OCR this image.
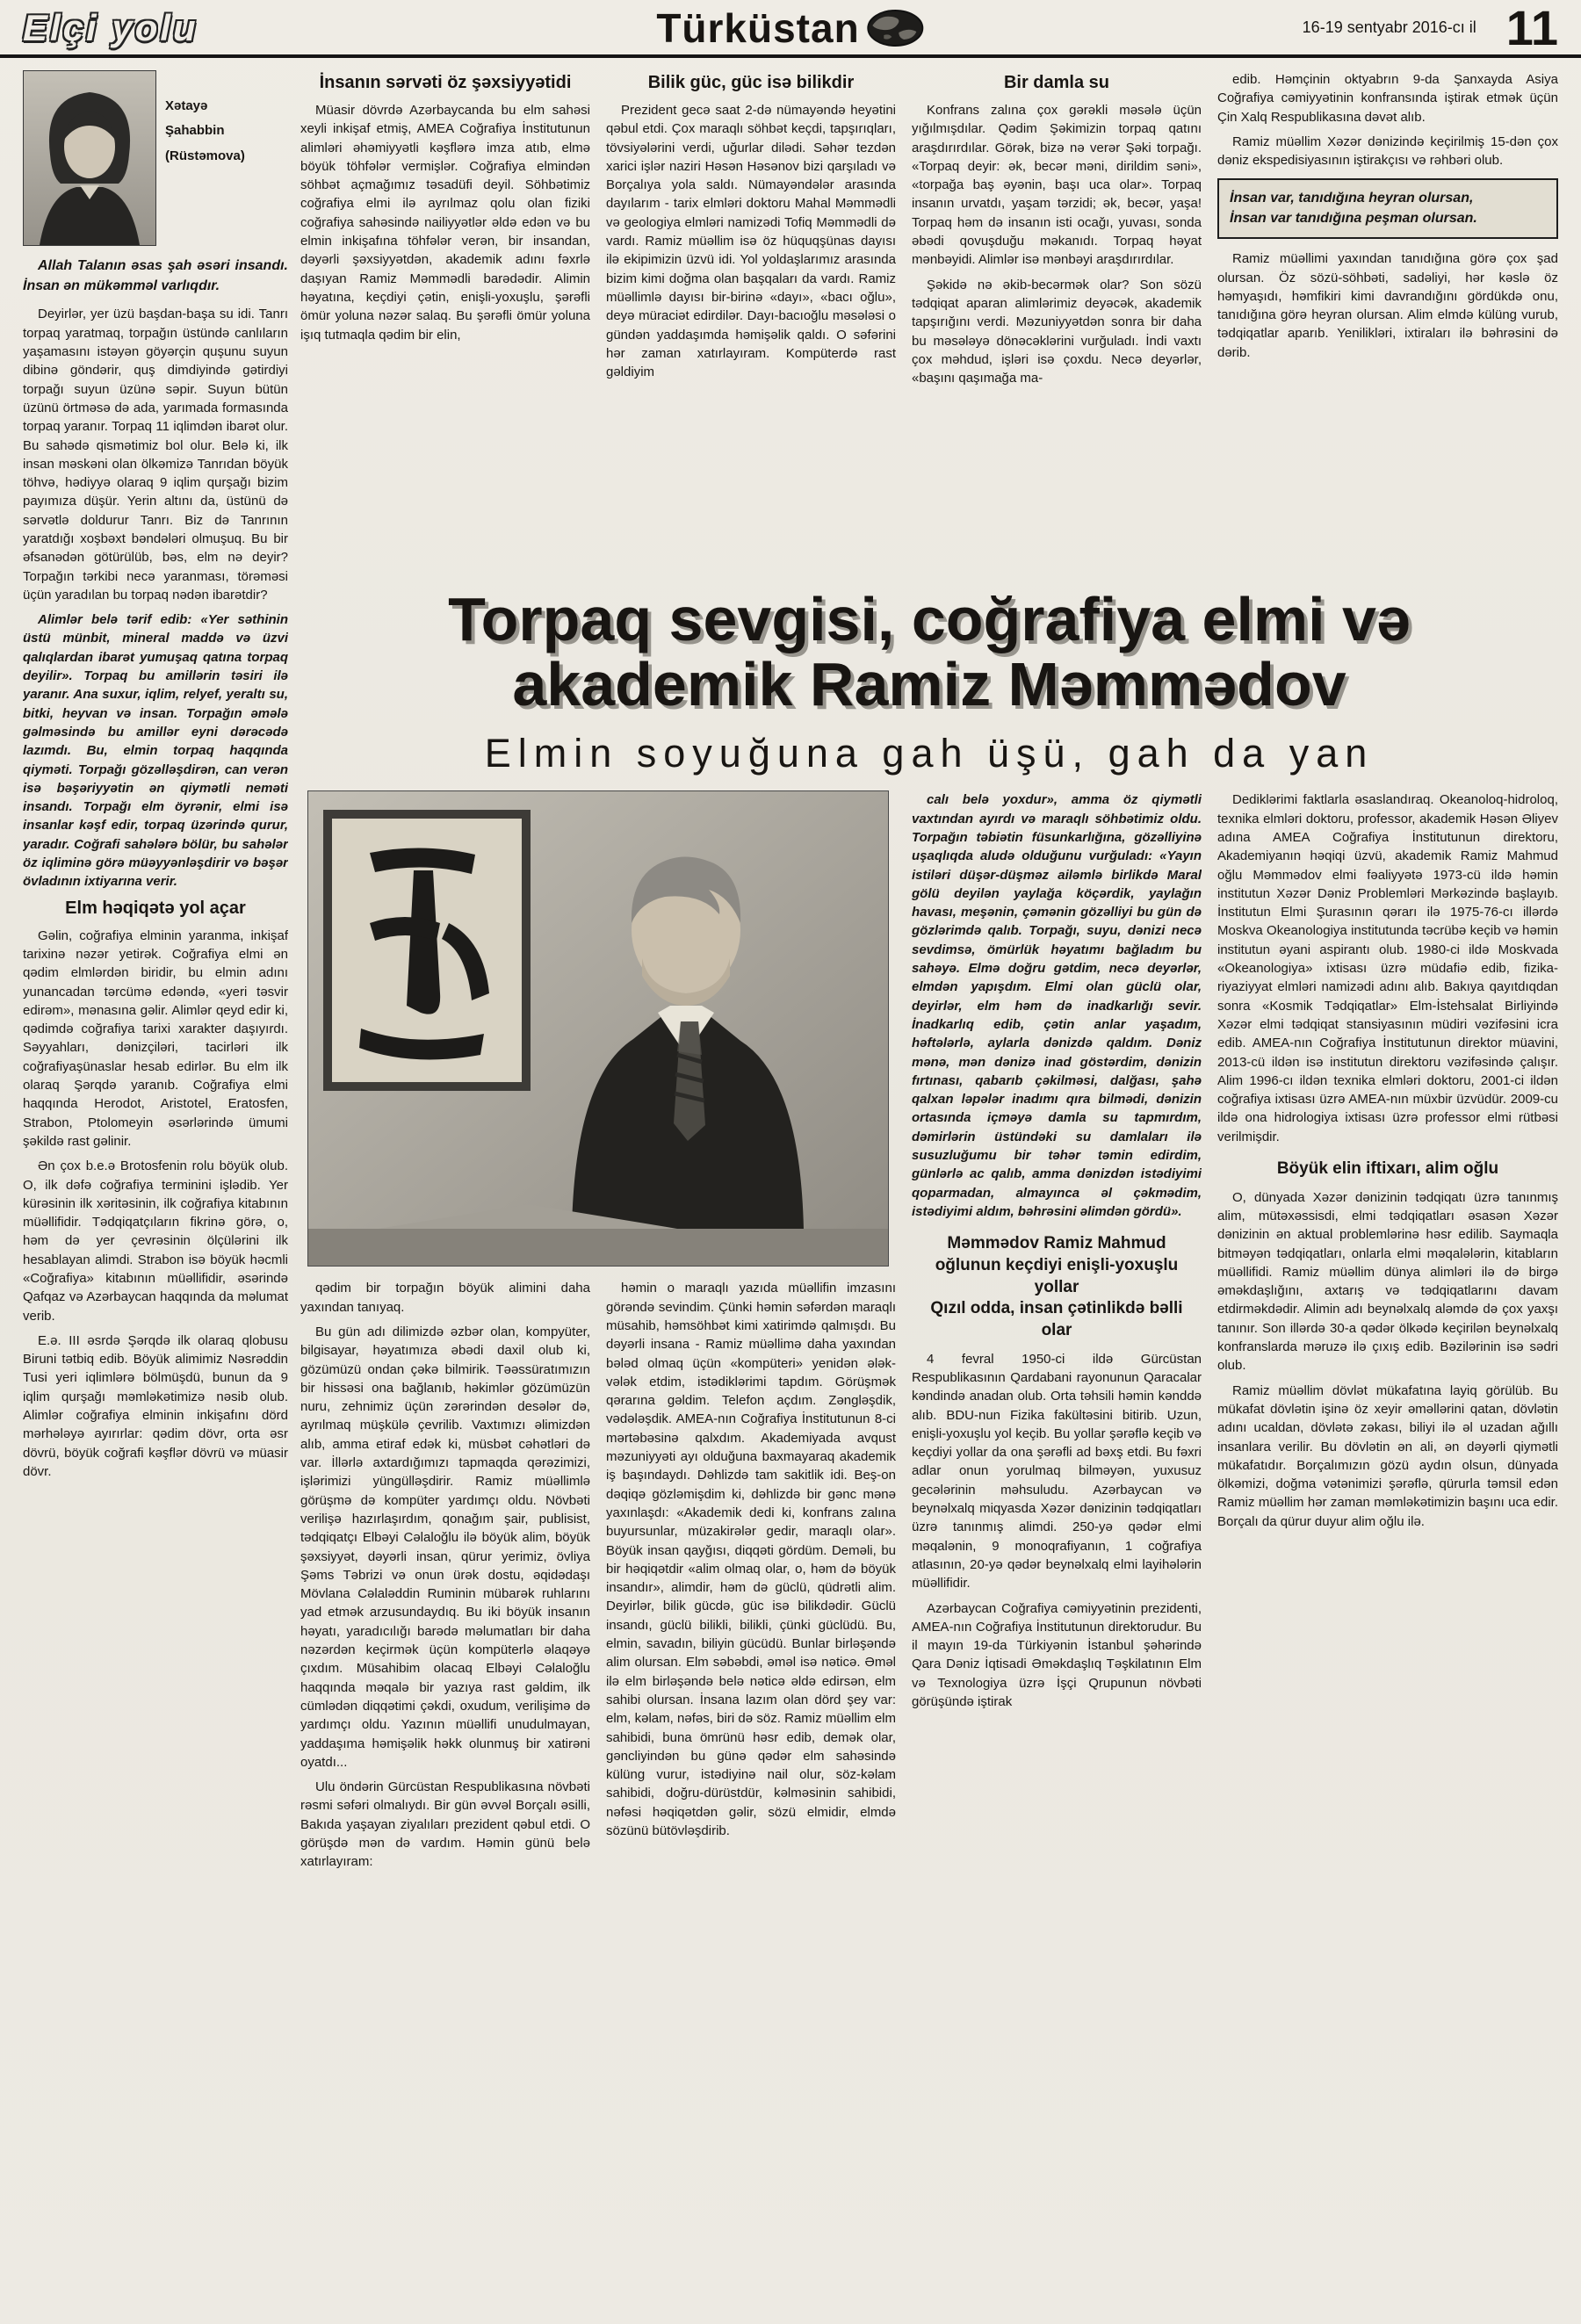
Elçi yolu	Türküstan	16-19 sentyabr 2016-cı il 11

Xətayə

Şahabbin

(Rüstəmova)

Allah Talanın əsas şah əsəri insandı. İnsan ən mükəmməl varlıqdır.

Deyirlər, yer üzü başdan-başa su idi. Tanrı torpaq yaratmaq, torpağın üstündə canlıların yaşamasını istəyən göyərçin quşunu suyun dibinə göndərir, quş dimdiyində gətirdiyi torpağı suyun üzünə səpir. Suyun bütün üzünü örtməsə də ada, yarımada formasında torpaq yaranır. Torpaq 11 iqlimdən ibarət olur. Bu sahədə qismətimiz bol olur. Belə ki, ilk insan məskəni olan ölkəmizə Tanrıdan böyük töhvə, hədiyyə olaraq 9 iqlim qurşağı bizim payımıza düşür. Yerin altını da, üstünü də sərvətlə doldurur Tanrı. Biz də Tanrının yaratdığı xoşbəxt bəndələri olmuşuq. Bu bir əfsanədən götürülüb, bəs, elm nə deyir? Torpağın tərkibi necə yaranması, törəməsi üçün yaradılan bu torpaq nədən ibarətdir?

Alimlər belə tərif edib: «Yer səthinin üstü münbit, mineral maddə və üzvi qalıqlardan ibarət yumuşaq qatına torpaq deyilir». Torpaq bu amillərin təsiri ilə yaranır. Ana suxur, iqlim, relyef, yeraltı su, bitki, heyvan və insan. Torpağın əmələ gəlməsində bu amillər eyni dərəcədə lazımdı. Bu, elmin torpaq haqqında qiyməti. Torpağı gözəlləşdirən, can verən isə bəşəriyyətin ən qiymətli neməti insandı. Torpağı elm öyrənir, elmi isə insanlar kəşf edir, torpaq üzərində qurur, yaradır. Coğrafi sahələrə bölür, bu sahələr öz iqliminə görə müəyyənləşdirir və bəşər övladının ixtiyarına verir.

Elm həqiqətə yol açar

Gəlin, coğrafiya elminin yaranma, inkişaf tarixinə nəzər yetirək. Coğrafiya elmi ən qədim elmlərdən biridir, bu elmin adını yunancadan tərcümə edəndə, «yeri təsvir edirəm», mənasına gəlir. Alimlər qeyd edir ki, qədimdə coğrafiya tarixi xarakter daşıyırdı. Səyyahları, dənizçiləri, tacirləri ilk coğrafiyaşünaslar hesab edirlər. Bu elm ilk olaraq Şərqdə yaranıb. Coğrafiya elmi haqqında Herodot, Aristotel, Eratosfen, Strabon, Ptolomeyin əsərlərində ümumi şəkildə rast gəlinir.

Ən çox b.e.ə Brotosfenin rolu böyük olub. O, ilk dəfə coğrafiya terminini işlədib. Yer kürəsinin ilk xəritəsinin, ilk coğrafiya kitabının müəllifidir. Tədqiqatçıların fikrinə görə, o, həm də yer çevrəsinin ölçülərini ilk hesablayan alimdi. Strabon isə böyük həcmli «Coğrafiya» kitabının müəllifidir, əsərində Qafqaz və Azərbaycan haqqında da məlumat verib.

E.ə. III əsrdə Şərqdə ilk olaraq qlobusu Biruni tətbiq edib. Böyük alimimiz Nəsrəddin Tusi yeri iqlimlərə bölmüşdü, bunun da 9 iqlim qurşağı məmləkətimizə nəsib olub. Alimlər coğrafiya elminin inkişafını dörd mərhələyə ayırırlar: qədim dövr, orta əsr dövrü, böyük coğrafi kəşflər dövrü və müasir dövr.

İnsanın sərvəti öz şəxsiyyətidi

Müasir dövrdə Azərbaycanda bu elm sahəsi xeyli inkişaf etmiş, AMEA Coğrafiya İnstitutunun alimləri əhəmiyyətli kəşflərə imza atıb, elmə böyük töhfələr vermişlər. Coğrafiya elmindən söhbət açmağımız təsadüfi deyil. Söhbətimiz coğrafiya elmi ilə ayrılmaz qolu olan fiziki coğrafiya sahəsində nailiyyətlər əldə edən və bu elmin inkişafına töhfələr verən, bir insandan, dəyərli şəxsiyyətdən, akademik adını fəxrlə daşıyan Ramiz Məmmədli barədədir. Alimin həyatına, keçdiyi çətin, enişli-yoxuşlu, şərəfli ömür yoluna nəzər salaq. Bu şərəfli ömür yoluna işıq tutmaqla qədim bir elin,

Bilik güc, güc isə bilikdir

Prezident gecə saat 2-də nümayəndə heyətini qəbul etdi. Çox maraqlı söhbət keçdi, tapşırıqları, tövsiyələrini verdi, uğurlar dilədi. Səhər tezdən xarici işlər naziri Həsən Həsənov bizi qarşıladı və Borçalıya yola saldı. Nümayəndələr arasında dayılarım - tarix elmləri doktoru Mahal Məmmədli və geologiya elmləri namizədi Tofiq Məmmədli də vardı. Ramiz müəllim isə öz hüquqşünas dayısı ilə ekipimizin üzvü idi. Yol yoldaşlarımız arasında bizim kimi doğma olan başqaları da vardı. Ramiz müəllimlə dayısı bir-birinə «dayı», «bacı oğlu», deyə müraciət edirdilər. Dayı-bacıoğlu məsələsi o gündən yaddaşımda həmişəlik qaldı. O səfərini hər zaman xatırlayıram. Kompüterdə rast gəldiyim

Bir damla su

Konfrans zalına çox gərəkli məsələ üçün yığılmışdılar. Qədim Şəkimizin torpaq qatını araşdırırdılar. Görək, bizə nə verər Şəki torpağı. «Torpaq deyir: ək, becər məni, dirildim səni», «torpağa baş əyənin, başı uca olar». Torpaq insanın urvatdı, yaşam tərzidi; ək, becər, yaşa! Torpaq həm də insanın isti ocağı, yuvası, sonda əbədi qovuşduğu məkanıdı. Torpaq həyat mənbəyidi. Alimlər isə mənbəyi araşdırırdılar.

Şəkidə nə əkib-becərmək olar? Son sözü tədqiqat aparan alimlərimiz deyəcək, akademik tapşırığını verdi. Məzuniyyətdən sonra bir daha bu məsələyə dönəcəklərini vurğuladı. İndi vaxtı çox məhdud, işləri isə çoxdu. Necə deyərlər, «başını qaşımağa ma-

edib. Həmçinin oktyabrın 9-da Şanxayda Asiya Coğrafiya cəmiyyətinin konfransında iştirak etmək üçün Çin Xalq Respublikasına dəvət alıb.

Ramiz müəllim Xəzər dənizində keçirilmiş 15-dən çox dəniz ekspedisiyasının iştirakçısı və rəhbəri olub.

İnsan var, tanıdığına heyran olursan,

İnsan var tanıdığına peşman olursan.

Ramiz müəllimi yaxından tanıdığına görə çox şad olursan. Öz sözü-söhbəti, sadəliyi, hər kəslə öz həmyaşıdı, həmfikiri kimi davrandığını gördükdə onu, tanıdığına görə heyran olursan. Alim elmdə külüng vurub, tədqiqatlar aparıb. Yenilikləri, ixtiraları ilə bəhrəsini də dərib.

Torpaq sevgisi, coğrafiya elmi və akademik Ramiz Məmmədov
Elmin soyuğuna gah üşü, gah da yan

qədim bir torpağın böyük alimini daha yaxından tanıyaq.

Bu gün adı dilimizdə əzbər olan, kompyüter, bilgisayar, həyatımıza əbədi daxil olub ki, gözümüzü ondan çəkə bilmirik. Təəssüratımızın bir hissəsi ona bağlanıb, həkimlər gözümüzün nuru, zehnimiz üçün zərərindən desələr də, ayrılmaq müşkülə çevrilib. Vaxtımızı əlimizdən alıb, amma etiraf edək ki, müsbət cəhətləri də var. İllərlə axtardığımızı tapmaqda qərəzimizi, işlərimizi yüngülləşdirir. Ramiz müəllimlə görüşmə də kompüter yardımçı oldu. Növbəti verilişə hazırlaşırdım, qonağım şair, publisist, tədqiqatçı Elbəyi Cəlaloğlu ilə böyük alim, böyük şəxsiyyət, dəyərli insan, qürur yerimiz, övliya Şəms Təbrizi və onun ürək dostu, əqidədaşı Mövlana Cəlaləddin Ruminin mübarək ruhlarını yad etmək arzusundaydıq. Bu iki böyük insanın həyatı, yaradıcılığı barədə məlumatları bir daha nəzərdən keçirmək üçün kompüterlə əlaqəyə çıxdım. Müsahibim olacaq Elbəyi Cəlaloğlu haqqında məqalə bir yazıya rast gəldim, ilk cümlədən diqqətimi çəkdi, oxudum, verilişimə də yardımçı oldu. Yazının müəllifi unudulmayan, yaddaşıma həmişəlik həkk olunmuş bir xatirəni oyatdı...

Ulu öndərin Gürcüstan Respublikasına növbəti rəsmi səfəri olmalıydı. Bir gün əvvəl Borçalı əsilli, Bakıda yaşayan ziyalıları prezident qəbul etdi. O görüşdə mən də vardım. Həmin günü belə xatırlayıram:

həmin o maraqlı yazıda müəllifin imzasını görəndə sevindim. Çünki həmin səfərdən maraqlı müsahib, həmsöhbət kimi xatirimdə qalmışdı. Bu dəyərli insana - Ramiz müəllimə daha yaxından bələd olmaq üçün «kompüteri» yenidən ələk-vələk etdim, istədiklərimi tapdım. Görüşmək qərarına gəldim. Telefon açdım. Zəngləşdik, vədələşdik. AMEA-nın Coğrafiya İnstitutunun 8-ci mərtəbəsinə qalxdım. Akademiyada avqust məzuniyyəti ayı olduğuna baxmayaraq akademik iş başındaydı. Dəhlizdə tam sakitlik idi. Beş-on dəqiqə gözləmişdim ki, dəhlizdə bir gənc mənə yaxınlaşdı: «Akademik dedi ki, konfrans zalına buyursunlar, müzakirələr gedir, maraqlı olar». Böyük insan qayğısı, diqqəti gördüm. Deməli, bu bir həqiqətdir «alim olmaq olar, o, həm də böyük insandır», alimdir, həm də güclü, qüdrətli alim. Deyirlər, bilik gücdə, güc isə bilikdədir. Güclü insandı, güclü bilikli, bilikli, çünki güclüdü. Bu, elmin, savadın, biliyin gücüdü. Bunlar birləşəndə alim olursan. Elm səbəbdi, əməl isə nəticə. Əməl ilə elm birləşəndə belə nəticə əldə edirsən, elm sahibi olursan. İnsana lazım olan dörd şey var: elm, kəlam, nəfəs, biri də söz. Ramiz müəllim elm sahibidi, buna ömrünü həsr edib, demək olar, gəncliyindən bu günə qədər elm sahəsində külüng vurur, istədiyinə nail olur, söz-kəlam sahibidi, doğru-dürüstdür, kəlməsinin sahibidi, nəfəsi həqiqətdən gəlir, sözü elmidir, elmdə sözünü bütövləşdirib.

calı belə yoxdur», amma öz qiymətli vaxtından ayırdı və maraqlı söhbətimiz oldu. Torpağın təbiətin füsunkarlığına, gözəlliyinə uşaqlıqda aludə olduğunu vurğuladı: «Yayın istiləri düşər-düşməz ailəmlə birlikdə Maral gölü deyilən yaylağa köçərdik, yaylağın havası, meşənin, çəmənin gözəlliyi bu gün də gözlərimdə qalıb. Torpağı, suyu, dənizi necə sevdimsə, ömürlük həyatımı bağladım bu sahəyə. Elmə doğru gətdim, necə deyərlər, elmdən yapışdım. Elmi olan güclü olar, deyirlər, elm həm də inadkarlığı sevir. İnadkarlıq edib, çətin anlar yaşadım, həftələrlə, aylarla dənizdə qaldım. Dəniz mənə, mən dənizə inad göstərdim, dənizin fırtınası, qabarıb çəkilməsi, dalğası, şahə qalxan ləpələr inadımı qıra bilmədi, dənizin ortasında içməyə damla su tapmırdım, dəmirlərin üstündəki su damlaları ilə susuzluğumu bir təhər təmin edirdim, günlərlə ac qalıb, amma dənizdən istədiyimi qoparmadan, almayınca əl çəkmədim, istədiyimi aldım, bəhrəsini əlimdən gördü».

Məmmədov Ramiz Mahmud oğlunun keçdiyi enişli-yoxuşlu yollar
Qızıl odda, insan çətinlikdə bəlli olar

4 fevral 1950-ci ildə Gürcüstan Respublikasının Qardabani rayonunun Qaracalar kəndində anadan olub. Orta təhsili həmin kənddə alıb. BDU-nun Fizika fakültəsini bitirib. Uzun, enişli-yoxuşlu yol keçib. Bu yollar şərəflə keçib və keçdiyi yollar da ona şərəfli ad bəxş etdi. Bu fəxri adlar onun yorulmaq bilməyən, yuxusuz gecələrinin məhsuludu. Azərbaycan və beynəlxalq miqyasda Xəzər dənizinin tədqiqatları üzrə tanınmış alimdi. 250-yə qədər elmi məqalənin, 9 monoqrafiyanın, 1 coğrafiya atlasının, 20-yə qədər beynəlxalq elmi layihələrin müəllifidir.

Azərbaycan Coğrafiya cəmiyyətinin prezidenti, AMEA-nın Coğrafiya İnstitutunun direktorudur. Bu il mayın 19-da Türkiyənin İstanbul şəhərində Qara Dəniz İqtisadi Əməkdaşlıq Təşkilatının Elm və Texnologiya üzrə İşçi Qrupunun növbəti görüşündə iştirak

Dediklərimi faktlarla əsaslandıraq. Okeanoloq-hidroloq, texnika elmləri doktoru, professor, akademik Həsən Əliyev adına AMEA Coğrafiya İnstitutunun direktoru, Akademiyanın həqiqi üzvü, akademik Ramiz Mahmud oğlu Məmmədov elmi fəaliyyətə 1973-cü ildə həmin institutun Xəzər Dəniz Problemləri Mərkəzində başlayıb. İnstitutun Elmi Şurasının qərarı ilə 1975-76-cı illərdə Moskva Okeanologiya institutunda təcrübə keçib və həmin institutun əyani aspirantı olub. 1980-ci ildə Moskvada «Okeanologiya» ixtisası üzrə müdafiə edib, fizika-riyaziyyat elmləri namizədi adını alıb. Bakıya qayıtdıqdan sonra «Kosmik Tədqiqatlar» Elm-İstehsalat Birliyində Xəzər elmi tədqiqat stansiyasının müdiri vəzifəsini icra edib. AMEA-nın Coğrafiya İnstitutunun direktor müavini, 2013-cü ildən isə institutun direktoru vəzifəsində çalışır. Alim 1996-cı ildən texnika elmləri doktoru, 2001-ci ildən coğrafiya ixtisası üzrə AMEA-nın müxbir üzvüdür. 2009-cu ildə ona hidrologiya ixtisası üzrə professor elmi rütbəsi verilmişdir.

Böyük elin iftixarı, alim oğlu

O, dünyada Xəzər dənizinin tədqiqatı üzrə tanınmış alim, mütəxəssisdi, elmi tədqiqatları əsasən Xəzər dənizinin ən aktual problemlərinə həsr edilib. Saymaqla bitməyən tədqiqatları, onlarla elmi məqalələrin, kitabların müəllifidi. Ramiz müəllim dünya alimləri ilə də birgə əməkdaşlığını, axtarış və tədqiqatlarını davam etdirməkdədir. Alimin adı beynəlxalq aləmdə də çox yaxşı tanınır. Son illərdə 30-a qədər ölkədə keçirilən beynəlxalq konfranslarda məruzə ilə çıxış edib. Bəzilərinin isə sədri olub.

Ramiz müəllim dövlət mükafatına layiq görülüb. Bu mükafat dövlətin işinə öz xeyir əməllərini qatan, dövlətin adını ucaldan, dövlətə zəkası, biliyi ilə əl uzadan ağıllı insanlara verilir. Bu dövlətin ən ali, ən dəyərli qiymətli mükafatıdır. Borçalımızın gözü aydın olsun, dünyada ölkəmizi, doğma vətənimizi şərəflə, qürurla təmsil edən Ramiz müəllim hər zaman məmləkətimizin başını uca edir. Borçalı da qürur duyur alim oğlu ilə.
